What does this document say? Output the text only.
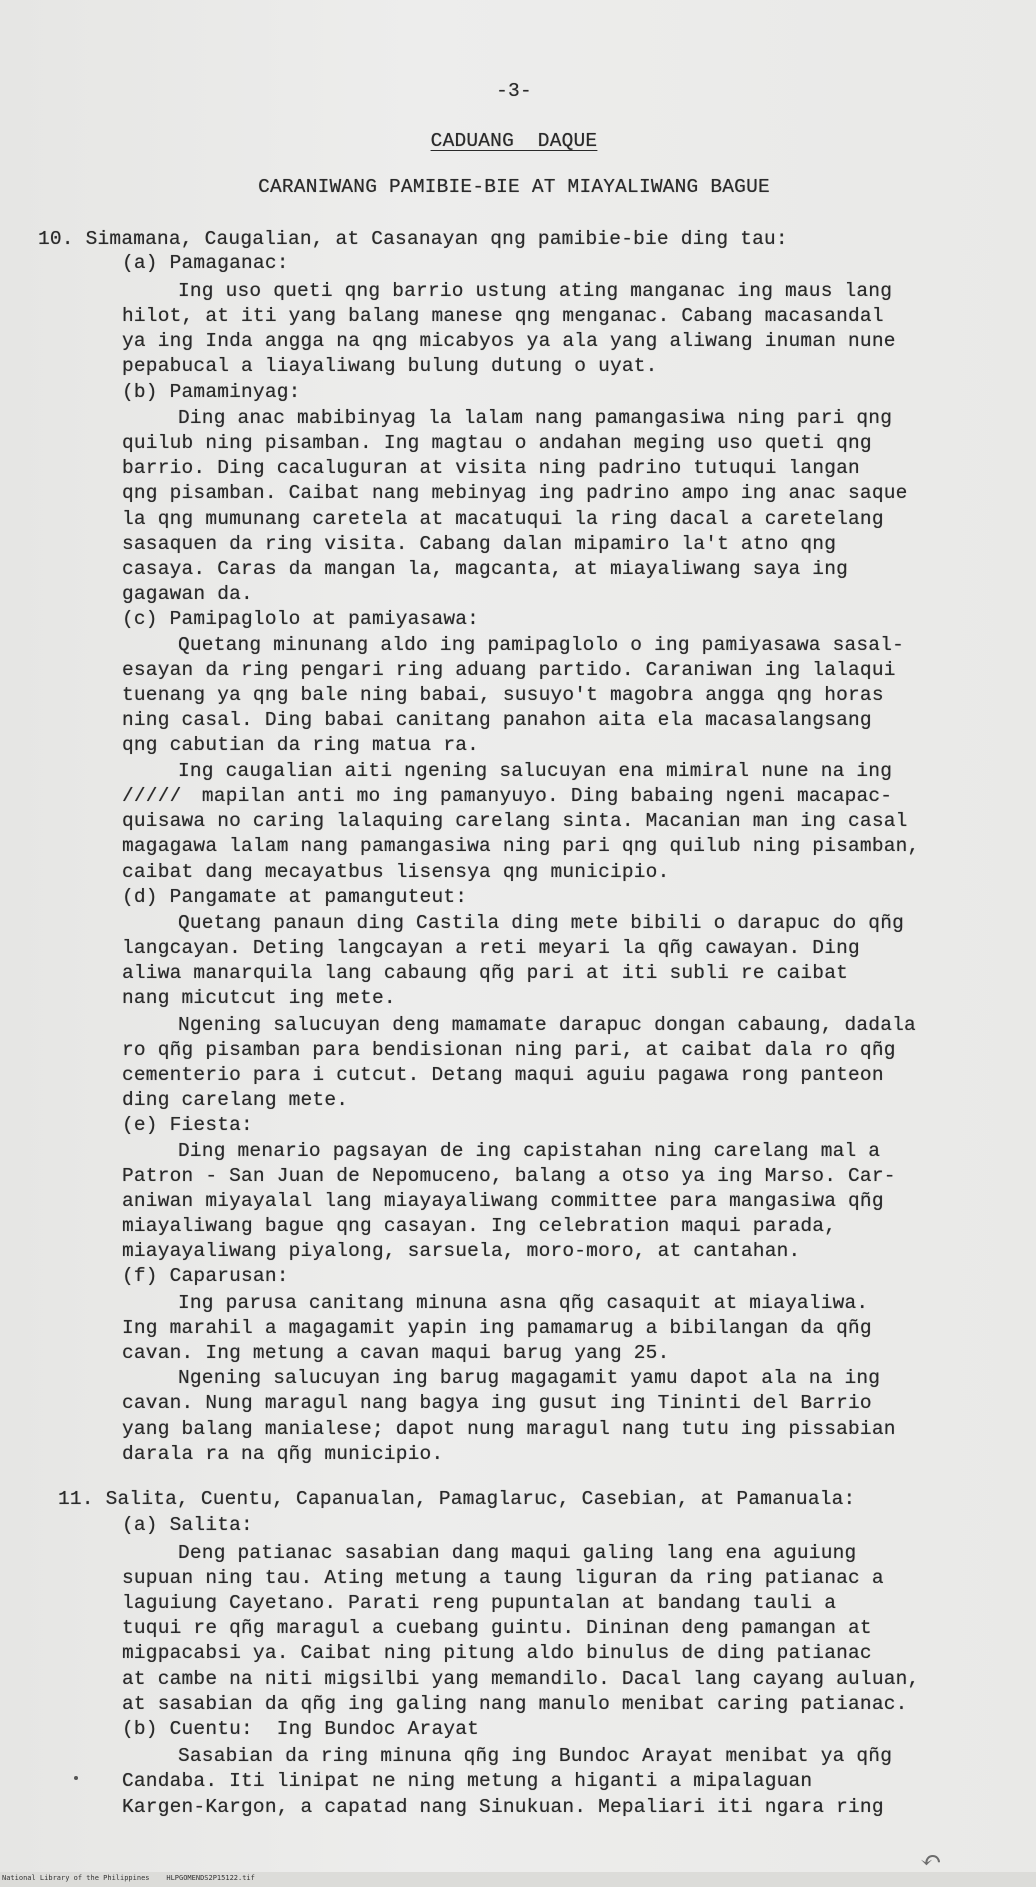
-3-
CADUANG  DAQUE
CARANIWANG PAMIBIE-BIE AT MIAYALIWANG BAGUE
10. Simamana, Caugalian, at Casanayan qng pamibie-bie ding tau:
(a) Pamaganac:
Ing uso queti qng barrio ustung ating manganac ing maus lang
hilot, at iti yang balang manese qng menganac. Cabang macasandal
ya ing Inda angga na qng micabyos ya ala yang aliwang inuman nune
pepabucal a liayaliwang bulung dutung o uyat.
(b) Pamaminyag:
Ding anac mabibinyag la lalam nang pamangasiwa ning pari qng
quilub ning pisamban. Ing magtau o andahan meging uso queti qng
barrio. Ding cacaluguran at visita ning padrino tutuqui langan
qng pisamban. Caibat nang mebinyag ing padrino ampo ing anac saque
la qng mumunang caretela at macatuqui la ring dacal a caretelang
sasaquen da ring visita. Cabang dalan mipamiro la't atno qng
casaya. Caras da mangan la, magcanta, at miayaliwang saya ing
gagawan da.
(c) Pamipaglolo at pamiyasawa:
Quetang minunang aldo ing pamipaglolo o ing pamiyasawa sasal-
esayan da ring pengari ring aduang partido. Caraniwan ing lalaqui
tuenang ya qng bale ning babai, susuyo't magobra angga qng horas
ning casal. Ding babai canitang panahon aita ela macasalangsang
qng cabutian da ring matua ra.
Ing caugalian aiti ngening salucuyan ena mimiral nune na ing
///// mapilan anti mo ing pamanyuyo. Ding babaing ngeni macapac-
quisawa no caring lalaquing carelang sinta. Macanian man ing casal
magagawa lalam nang pamangasiwa ning pari qng quilub ning pisamban,
caibat dang mecayatbus lisensya qng municipio.
(d) Pangamate at pamanguteut:
Quetang panaun ding Castila ding mete bibili o darapuc do qñg
langcayan. Deting langcayan a reti meyari la qñg cawayan. Ding
aliwa manarquila lang cabaung qñg pari at iti subli re caibat
nang micutcut ing mete.
Ngening salucuyan deng mamamate darapuc dongan cabaung, dadala
ro qñg pisamban para bendisionan ning pari, at caibat dala ro qñg
cementerio para i cutcut. Detang maqui aguiu pagawa rong panteon
ding carelang mete.
(e) Fiesta:
Ding menario pagsayan de ing capistahan ning carelang mal a
Patron - San Juan de Nepomuceno, balang a otso ya ing Marso. Car-
aniwan miyayalal lang miayayaliwang committee para mangasiwa qñg
miayaliwang bague qng casayan. Ing celebration maqui parada,
miayayaliwang piyalong, sarsuela, moro-moro, at cantahan.
(f) Caparusan:
Ing parusa canitang minuna asna qñg casaquit at miayaliwa.
Ing marahil a magagamit yapin ing pamamarug a bibilangan da qñg
cavan. Ing metung a cavan maqui barug yang 25.
Ngening salucuyan ing barug magagamit yamu dapot ala na ing
cavan. Nung maragul nang bagya ing gusut ing Tininti del Barrio
yang balang manialese; dapot nung maragul nang tutu ing pissabian
darala ra na qñg municipio.
11. Salita, Cuentu, Capanualan, Pamaglaruc, Casebian, at Pamanuala:
(a) Salita:
Deng patianac sasabian dang maqui galing lang ena aguiung
supuan ning tau. Ating metung a taung liguran da ring patianac a
laguiung Cayetano. Parati reng pupuntalan at bandang tauli a
tuqui re qñg maragul a cuebang guintu. Dininan deng pamangan at
migpacabsi ya. Caibat ning pitung aldo binulus de ding patianac
at cambe na niti migsilbi yang memandilo. Dacal lang cayang auluan,
at sasabian da qñg ing galing nang manulo menibat caring patianac.
(b) Cuentu:  Ing Bundoc Arayat
Sasabian da ring minuna qñg ing Bundoc Arayat menibat ya qñg
Candaba. Iti linipat ne ning metung a higanti a mipalaguan
Kargen-Kargon, a capatad nang Sinukuan. Mepaliari iti ngara ring
↶
National Library of the Philippines    HLPGOMENDS2P15122.tif
